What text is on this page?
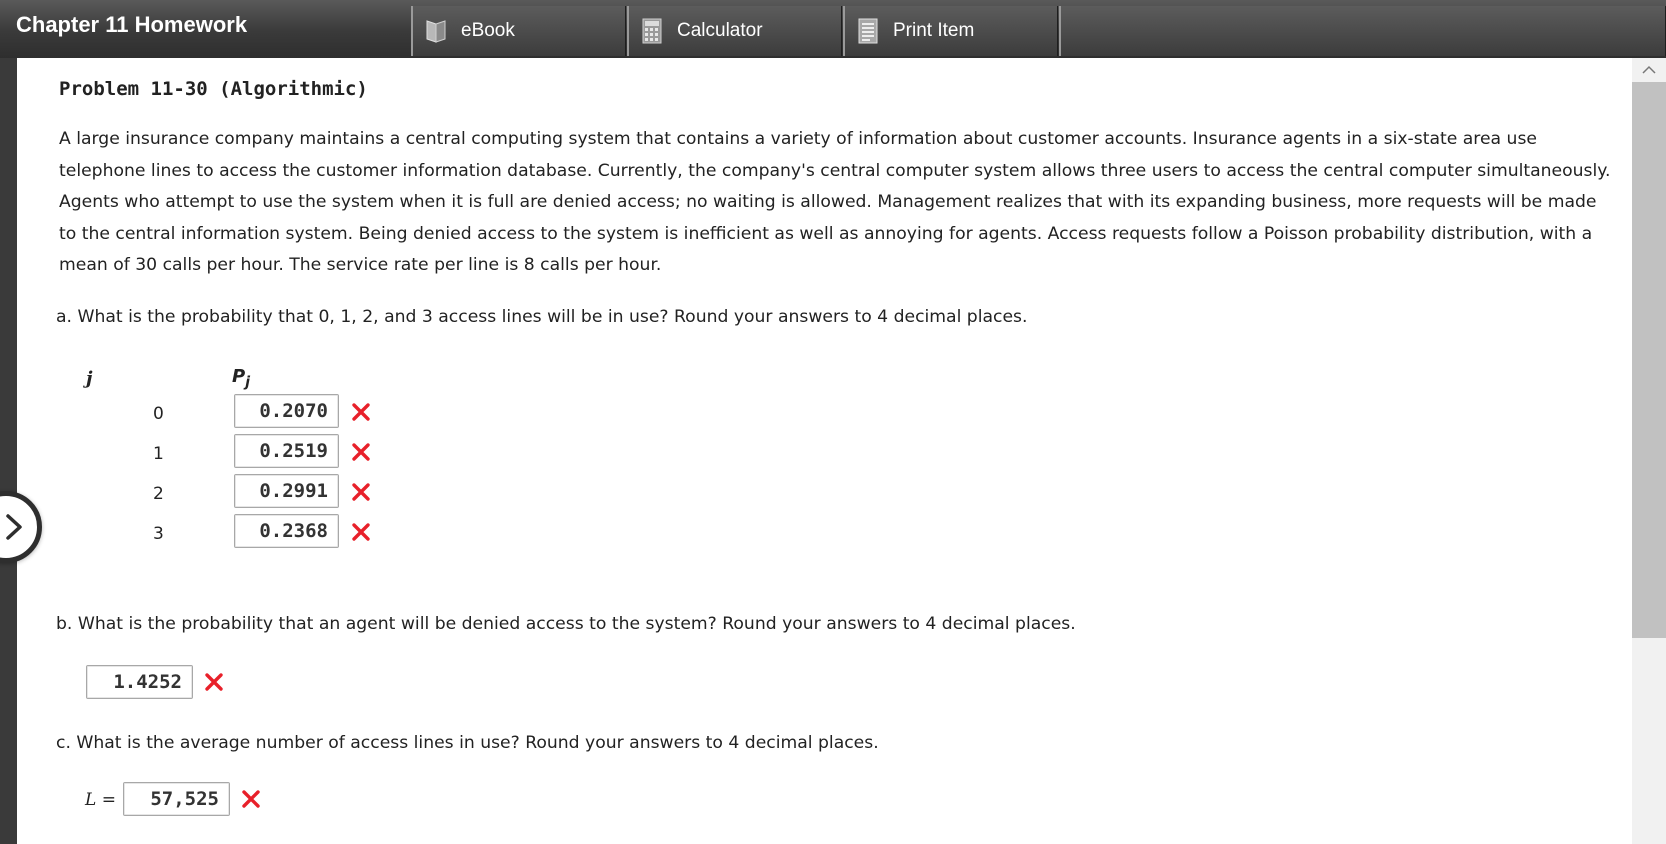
Chapter 11 Homework	eBook	Calculator	Print Item
Problem 11-30 (Algorithmic)
A large insurance company maintains a central computing system that contains a variety of information about customer accounts. Insurance agents in a six-state area use telephone lines to access the customer information database. Currently, the company's central computer system allows three users to access the central computer simultaneously. Agents who attempt to use the system when it is full are denied access; no waiting is allowed. Management realizes that with its expanding business, more requests will be made to the central information system. Being denied access to the system is inefficient as well as annoying for agents. Access requests follow a Poisson probability distribution, with a mean of 30 calls per hour. The service rate per line is 8 calls per hour.
a. What is the probability that 0, 1, 2, and 3 access lines will be in use? Round your answers to 4 decimal places.
j	$P_j$
0	0.2070
1	0.2519
2	0.2991
3	0.2368
b. What is the probability that an agent will be denied access to the system? Round your answers to 4 decimal places.
1.4252
c. What is the average number of access lines in use? Round your answers to 4 decimal places.
L =	57,525
